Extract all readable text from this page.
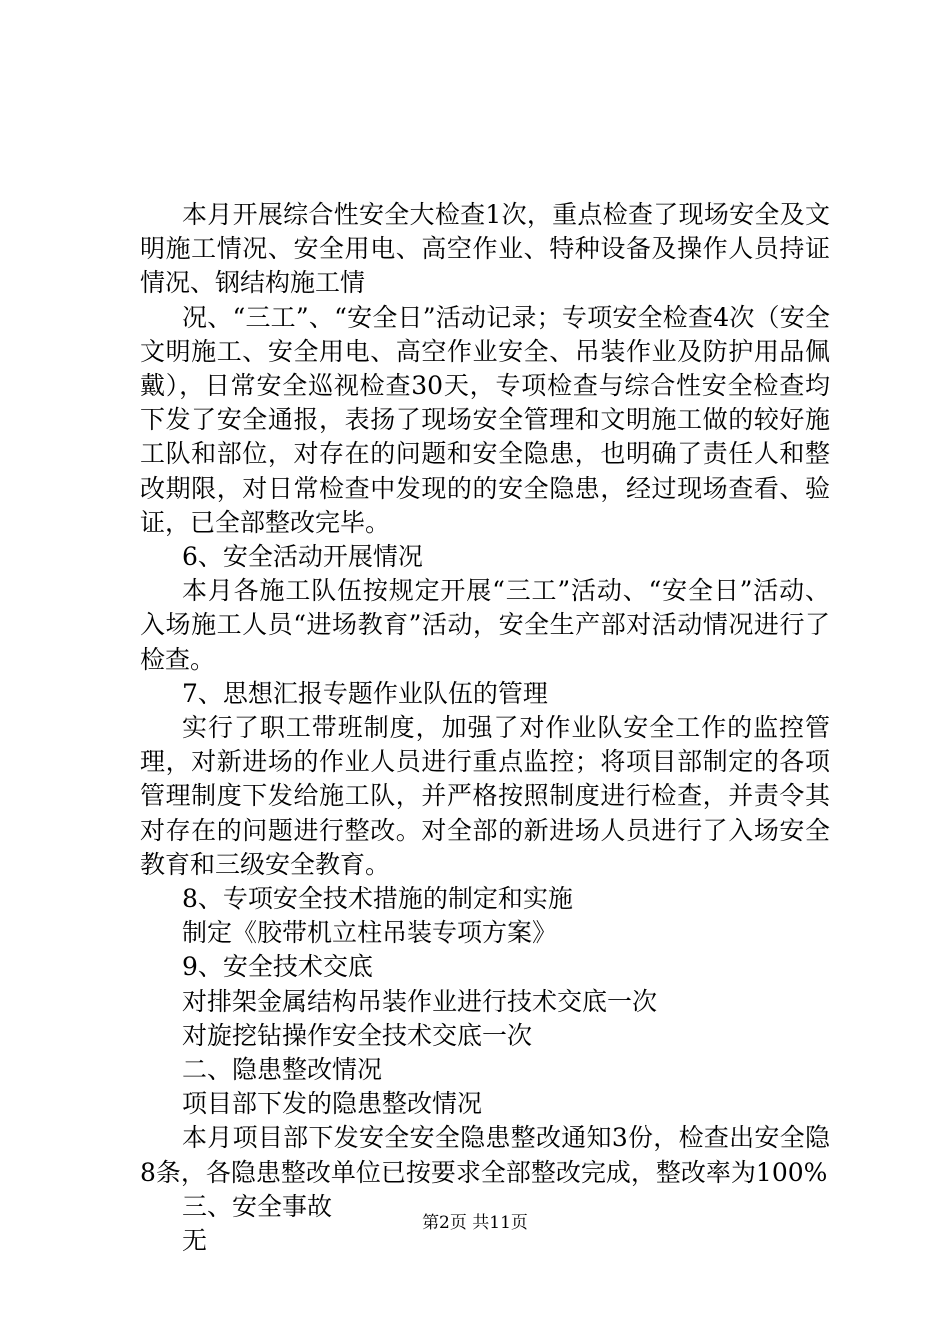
本月开展综合性安全大检查1次，重点检查了现场安全及文明施工情况、安全用电、高空作业、特种设备及操作人员持证情况、钢结构施工情

况、“三工”、“安全日”活动记录；专项安全检查4次（安全文明施工、安全用电、高空作业安全、吊装作业及防护用品佩戴），日常安全巡视检查30天，专项检查与综合性安全检查均下发了安全通报，表扬了现场安全管理和文明施工做的较好施工队和部位，对存在的问题和安全隐患，也明确了责任人和整改期限，对日常检查中发现的的安全隐患，经过现场查看、验证，已全部整改完毕。

6、安全活动开展情况

本月各施工队伍按规定开展“三工”活动、“安全日”活动、入场施工人员“进场教育”活动，安全生产部对活动情况进行了检查。

7、思想汇报专题作业队伍的管理

实行了职工带班制度，加强了对作业队安全工作的监控管理，对新进场的作业人员进行重点监控；将项目部制定的各项管理制度下发给施工队，并严格按照制度进行检查，并责令其对存在的问题进行整改。对全部的新进场人员进行了入场安全教育和三级安全教育。

8、专项安全技术措施的制定和实施

制定《胶带机立柱吊装专项方案》

9、安全技术交底

对排架金属结构吊装作业进行技术交底一次

对旋挖钻操作安全技术交底一次

二、隐患整改情况

项目部下发的隐患整改情况

本月项目部下发安全安全隐患整改通知3份，检查出安全隐8条，各隐患整改单位已按要求全部整改完成，整改率为100%

三、安全事故

无

第2页 共11页
